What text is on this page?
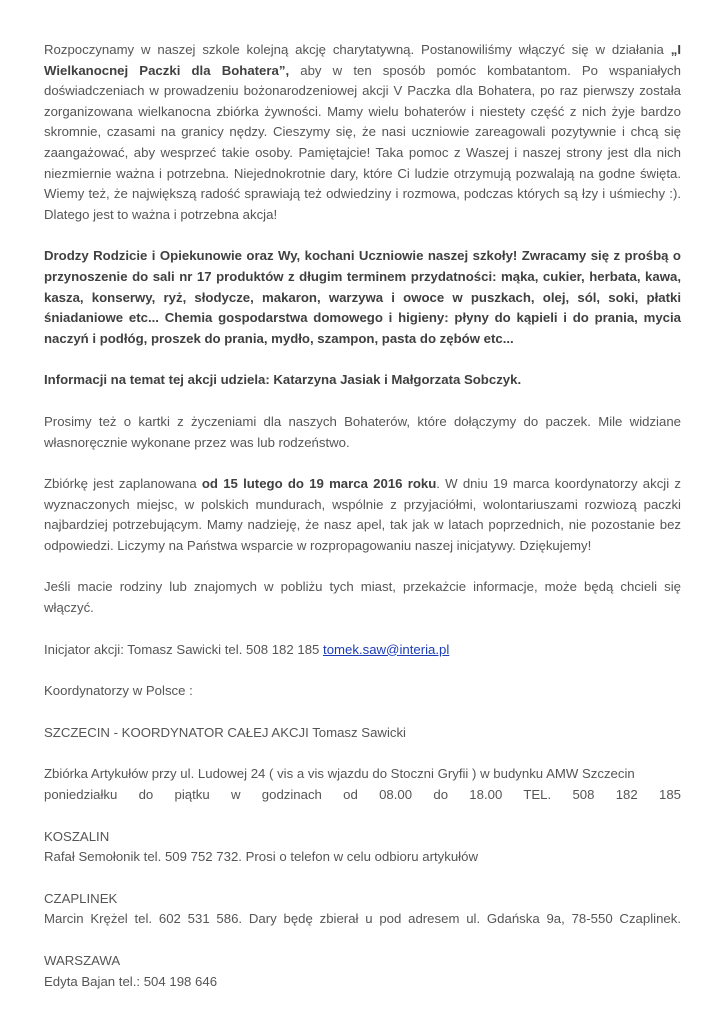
Rozpoczynamy w naszej szkole kolejną akcję charytatywną. Postanowiliśmy włączyć się w działania „I Wielkanocnej Paczki dla Bohatera”, aby w ten sposób pomóc kombatantom. Po wspaniałych doświadczeniach w prowadzeniu bożonarodzeniowej akcji V Paczka dla Bohatera, po raz pierwszy została zorganizowana wielkanocna zbiórka żywności. Mamy wielu bohaterów i niestety część z nich żyje bardzo skromnie, czasami na granicy nędzy. Cieszymy się, że nasi uczniowie zareagowali pozytywnie i chcą się zaangażować, aby wesprzeć takie osoby. Pamiętajcie! Taka pomoc z Waszej i naszej strony jest dla nich niezmiernie ważna i potrzebna. Niejednokrotnie dary, które Ci ludzie otrzymują pozwalają na godne święta. Wiemy też, że największą radość sprawiają też odwiedziny i rozmowa, podczas których są łzy i uśmiechy :). Dlatego jest to ważna i potrzebna akcja!

Drodzy Rodzicie i Opiekunowie oraz Wy, kochani Uczniowie naszej szkoły! Zwracamy się z prośbą o przynoszenie do sali nr 17 produktów z długim terminem przydatności: mąka, cukier, herbata, kawa, kasza, konserwy, ryż, słodycze, makaron, warzywa i owoce w puszkach, olej, sól, soki, płatki śniadaniowe etc... Chemia gospodarstwa domowego i higieny: płyny do kąpieli i do prania, mycia naczyń i podłóg, proszek do prania, mydło, szampon, pasta do zębów etc...

Informacji na temat tej akcji udziela: Katarzyna Jasiak i Małgorzata Sobczyk.

Prosimy też o kartki z życzeniami dla naszych Bohaterów, które dołączymy do paczek. Mile widziane własnoręcznie wykonane przez was lub rodzeństwo.

Zbiórkę jest zaplanowana od 15 lutego do 19 marca 2016 roku. W dniu 19 marca koordynatorzy akcji z wyznaczonych miejsc, w polskich mundurach, wspólnie z przyjaciółmi, wolontariuszami rozwiozą paczki najbardziej potrzebującym. Mamy nadzieję, że nasz apel, tak jak w latach poprzednich, nie pozostanie bez odpowiedzi. Liczymy na Państwa wsparcie w rozpropagowaniu naszej inicjatywy. Dziękujemy!

Jeśli macie rodziny lub znajomych w pobliżu tych miast, przekażcie informacje, może będą chcieli się włączyć.

Inicjator akcji: Tomasz Sawicki tel. 508 182 185 tomek.saw@interia.pl

Koordynatorzy w Polsce :

SZCZECIN - KOORDYNATOR CAŁEJ AKCJI Tomasz Sawicki

Zbiórka Artykułów przy ul. Ludowej 24 ( vis a vis wjazdu do Stoczni Gryfii ) w budynku AMW Szczecin
poniedziałku do piątku w godzinach od 08.00 do 18.00 TEL. 508 182 185

KOSZALIN
Rafał Semołonik tel. 509 752 732. Prosi o telefon w celu odbioru artykułów

CZAPLINEK
Marcin Krężel tel. 602 531 586. Dary będę zbierał u pod adresem ul. Gdańska 9a, 78-550 Czaplinek.

WARSZAWA
Edyta Bajan tel.: 504 198 646
